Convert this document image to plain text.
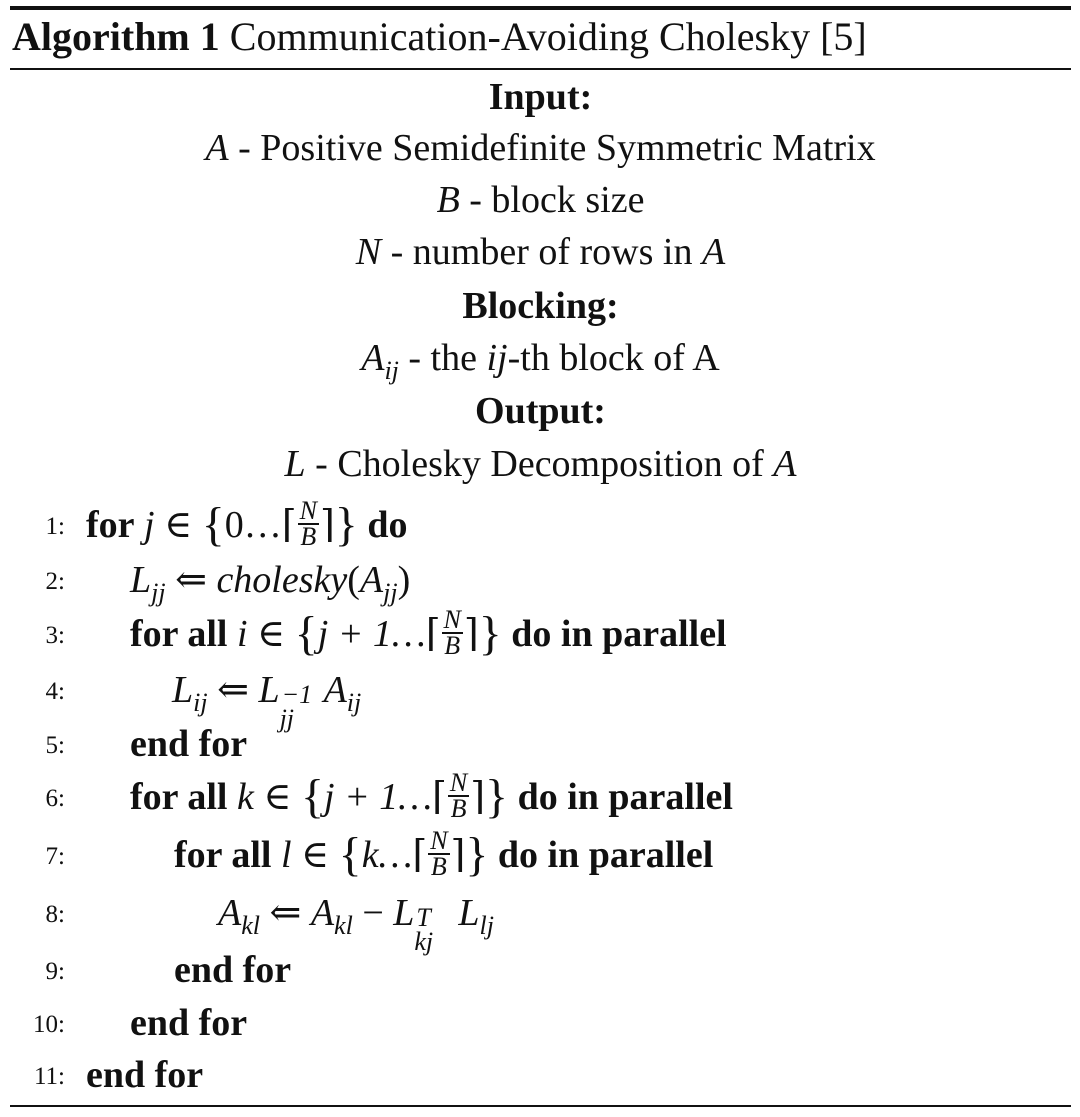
Algorithm 1 Communication-Avoiding Cholesky [5]
Input:
A - Positive Semidefinite Symmetric Matrix
B - block size
N - number of rows in A
Blocking:
$A_{ij}$ - the ij-th block of A
Output:
L - Cholesky Decomposition of A
1: for j ∈ {0…⌈ $\frac{N}{B}$ ⌉} do
2: $L_{jj}$ ⇐ $cholesky(A_{jj})$
3: for all i ∈ {j + 1…⌈ $\frac{N}{B}$ ⌉} do in parallel
4:	$L_{ij}$ ⇐ L −1
jj
$A_{ij}$
5: end for
6: for all k ∈ {j + 1…⌈ $\frac{N}{B}$ ⌉} do in parallel
7:	for all l ∈ {k…⌈ $\frac{N}{B}$ ⌉} do in parallel
8:	$A_{kl}$ ⇐ $A_{kl} - L$ T
kj
$L_{lj}$
9:	end for
10: end for
11: end for
